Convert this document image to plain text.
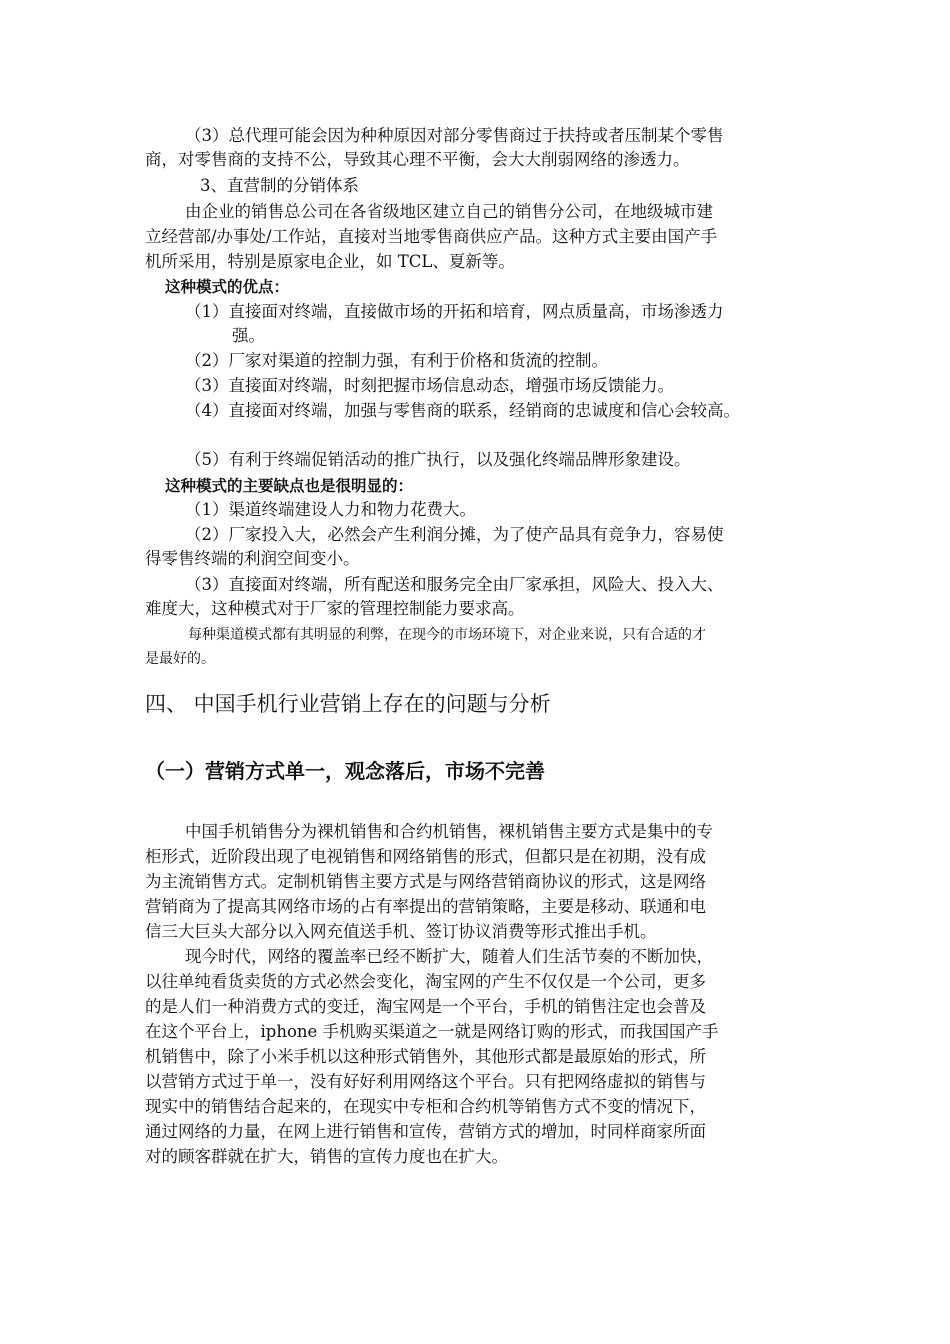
（3）总代理可能会因为种种原因对部分零售商过于扶持或者压制某个零售
商，对零售商的支持不公，导致其心理不平衡，会大大削弱网络的渗透力。
3、直营制的分销体系
由企业的销售总公司在各省级地区建立自己的销售分公司，在地级城市建
立经营部/办事处/工作站，直接对当地零售商供应产品。这种方式主要由国产手
机所采用，特别是原家电企业，如 TCL、夏新等。
这种模式的优点：
（1）直接面对终端，直接做市场的开拓和培育，网点质量高，市场渗透力
强。
（2）厂家对渠道的控制力强，有利于价格和货流的控制。
（3）直接面对终端，时刻把握市场信息动态，增强市场反馈能力。
（4）直接面对终端，加强与零售商的联系，经销商的忠诚度和信心会较高。
（5）有利于终端促销活动的推广执行，以及强化终端品牌形象建设。
这种模式的主要缺点也是很明显的：
（1）渠道终端建设人力和物力花费大。
（2）厂家投入大，必然会产生利润分摊，为了使产品具有竞争力，容易使
得零售终端的利润空间变小。
（3）直接面对终端，所有配送和服务完全由厂家承担，风险大、投入大、
难度大，这种模式对于厂家的管理控制能力要求高。
每种渠道模式都有其明显的利弊，在现今的市场环境下，对企业来说，只有合适的才
是最好的。
四、 中国手机行业营销上存在的问题与分析
（一）营销方式单一，观念落后，市场不完善
中国手机销售分为裸机销售和合约机销售，裸机销售主要方式是集中的专
柜形式，近阶段出现了电视销售和网络销售的形式，但都只是在初期，没有成
为主流销售方式。定制机销售主要方式是与网络营销商协议的形式，这是网络
营销商为了提高其网络市场的占有率提出的营销策略，主要是移动、联通和电
信三大巨头大部分以入网充值送手机、签订协议消费等形式推出手机。
现今时代，网络的覆盖率已经不断扩大，随着人们生活节奏的不断加快，
以往单纯看货卖货的方式必然会变化，淘宝网的产生不仅仅是一个公司，更多
的是人们一种消费方式的变迁，淘宝网是一个平台，手机的销售注定也会普及
在这个平台上，iphone 手机购买渠道之一就是网络订购的形式，而我国国产手
机销售中，除了小米手机以这种形式销售外，其他形式都是最原始的形式，所
以营销方式过于单一，没有好好利用网络这个平台。只有把网络虚拟的销售与
现实中的销售结合起来的，在现实中专柜和合约机等销售方式不变的情况下，
通过网络的力量，在网上进行销售和宣传，营销方式的增加，时同样商家所面
对的顾客群就在扩大，销售的宣传力度也在扩大。
